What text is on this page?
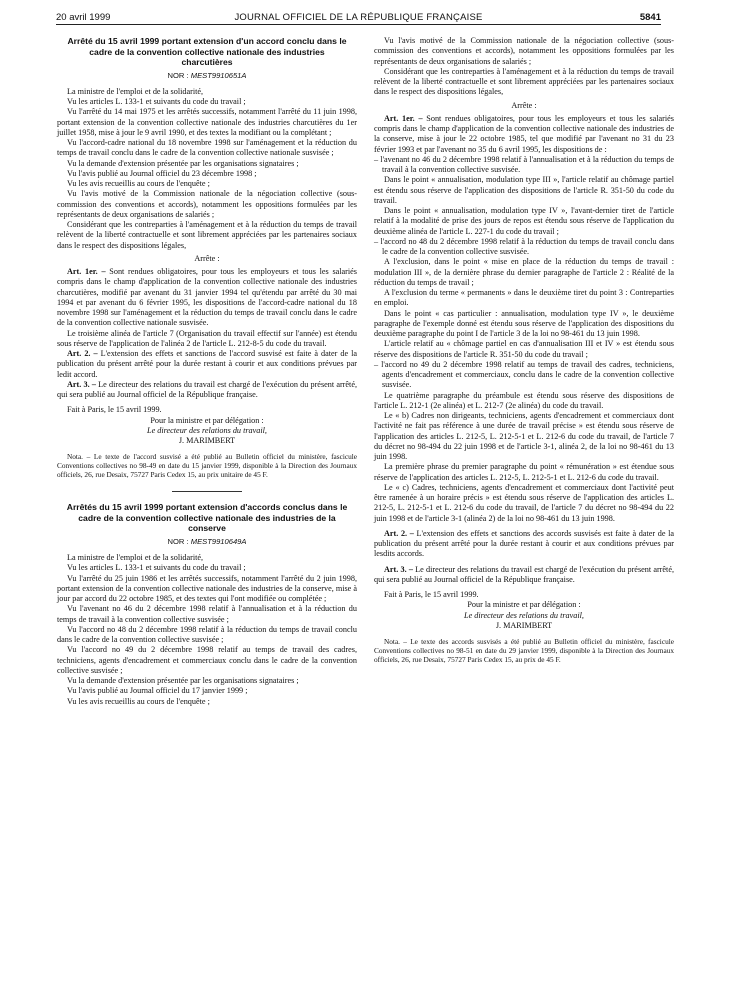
20 avril 1999	JOURNAL OFFICIEL DE LA RÉPUBLIQUE FRANÇAISE	5841
Arrêté du 15 avril 1999 portant extension d'un accord conclu dans le cadre de la convention collective nationale des industries charcutières
NOR : MEST9910651A

La ministre de l'emploi et de la solidarité,

Vu les articles L. 133-1 et suivants du code du travail ;

Vu l'arrêté du 14 mai 1975 et les arrêtés successifs, notamment l'arrêté du 11 juin 1998, portant extension de la convention collective nationale des industries charcutières du 1er juillet 1958, mise à jour le 9 avril 1990, et des textes la modifiant ou la complétant ;

Vu l'accord-cadre national du 18 novembre 1998 sur l'aménagement et la réduction du temps de travail conclu dans le cadre de la convention collective nationale susvisée ;

Vu la demande d'extension présentée par les organisations signataires ;

Vu l'avis publié au Journal officiel du 23 décembre 1998 ;

Vu les avis recueillis au cours de l'enquête ;

Vu l'avis motivé de la Commission nationale de la négociation collective (sous-commission des conventions et accords), notamment les oppositions formulées par les représentants de deux organisations de salariés ;

Considérant que les contreparties à l'aménagement et à la réduction du temps de travail relèvent de la liberté contractuelle et sont librement appréciées par les partenaires sociaux dans le respect des dispositions légales,

Arrête :

Art. 1er. – Sont rendues obligatoires, pour tous les employeurs et tous les salariés compris dans le champ d'application de la convention collective nationale des industries charcutières, modifié par avenant du 31 janvier 1994 tel qu'étendu par arrêté du 30 mai 1994 et par avenant du 6 février 1995, les dispositions de l'accord-cadre national du 18 novembre 1998 sur l'aménagement et la réduction du temps de travail conclu dans le cadre de la convention collective nationale susvisée.

Le troisième alinéa de l'article 7 (Organisation du travail effectif sur l'année) est étendu sous réserve de l'application de l'alinéa 2 de l'article L. 212-8-5 du code du travail.

Art. 2. – L'extension des effets et sanctions de l'accord susvisé est faite à dater de la publication du présent arrêté pour la durée restant à courir et aux conditions prévues par ledit accord.

Art. 3. – Le directeur des relations du travail est chargé de l'exécution du présent arrêté, qui sera publié au Journal officiel de la République française.

Fait à Paris, le 15 avril 1999.

Pour la ministre et par délégation :

Le directeur des relations du travail,

J. MARIMBERT

Nota. – Le texte de l'accord susvisé a été publié au Bulletin officiel du ministère, fascicule Conventions collectives no 98-49 en date du 15 janvier 1999, disponible à la Direction des Journaux officiels, 26, rue Desaix, 75727 Paris Cedex 15, au prix unitaire de 45 F.

Arrêtés du 15 avril 1999 portant extension d'accords conclus dans le cadre de la convention collective nationale des industries de la conserve
NOR : MEST9910649A

La ministre de l'emploi et de la solidarité,

Vu les articles L. 133-1 et suivants du code du travail ;

Vu l'arrêté du 25 juin 1986 et les arrêtés successifs, notamment l'arrêté du 2 juin 1998, portant extension de la convention collective nationale des industries de la conserve, mise à jour par accord du 22 octobre 1985, et des textes qui l'ont modifiée ou complétée ;

Vu l'avenant no 46 du 2 décembre 1998 relatif à l'annualisation et à la réduction du temps de travail à la convention collective susvisée ;

Vu l'accord no 48 du 2 décembre 1998 relatif à la réduction du temps de travail conclu dans le cadre de la convention collective susvisée ;

Vu l'accord no 49 du 2 décembre 1998 relatif au temps de travail des cadres, techniciens, agents d'encadrement et commerciaux conclu dans le cadre de la convention collective susvisée ;

Vu la demande d'extension présentée par les organisations signataires ;

Vu l'avis publié au Journal officiel du 17 janvier 1999 ;

Vu les avis recueillis au cours de l'enquête ;

Vu l'avis motivé de la Commission nationale de la négociation collective (sous-commission des conventions et accords), notamment les oppositions formulées par les représentants de deux organisations de salariés ;

Considérant que les contreparties à l'aménagement et à la réduction du temps de travail relèvent de la liberté contractuelle et sont librement appréciées par les partenaires sociaux dans le respect des dispositions légales,

Arrête :

Art. 1er. – Sont rendues obligatoires, pour tous les employeurs et tous les salariés compris dans le champ d'application de la convention collective nationale des industries de la conserve, mise à jour le 22 octobre 1985, tel que modifié par l'avenant no 31 du 23 février 1993 et par l'avenant no 35 du 6 avril 1995, les dispositions de :

– l'avenant no 46 du 2 décembre 1998 relatif à l'annualisation et à la réduction du temps de travail à la convention collective susvisée.

Dans le point « annualisation, modulation type III », l'article relatif au chômage partiel est étendu sous réserve de l'application des dispositions de l'article R. 351-50 du code du travail.

Dans le point « annualisation, modulation type IV », l'avant-dernier tiret de l'article relatif à la modalité de prise des jours de repos est étendu sous réserve de l'application du deuxième alinéa de l'article L. 227-1 du code du travail ;

– l'accord no 48 du 2 décembre 1998 relatif à la réduction du temps de travail conclu dans le cadre de la convention collective susvisée.

A l'exclusion, dans le point « mise en place de la réduction du temps de travail : modulation III », de la dernière phrase du dernier paragraphe de l'article 2 : Réalité de la réduction du temps de travail ;

A l'exclusion du terme « permanents » dans le deuxième tiret du point 3 : Contreparties en emploi.

Dans le point « cas particulier : annualisation, modulation type IV », le deuxième paragraphe de l'exemple donné est étendu sous réserve de l'application des dispositions du deuxième paragraphe du point I de l'article 3 de la loi no 98-461 du 13 juin 1998.

L'article relatif au « chômage partiel en cas d'annualisation III et IV » est étendu sous réserve des dispositions de l'article R. 351-50 du code du travail ;

– l'accord no 49 du 2 décembre 1998 relatif au temps de travail des cadres, techniciens, agents d'encadrement et commerciaux, conclu dans le cadre de la convention collective susvisée.

Le quatrième paragraphe du préambule est étendu sous réserve des dispositions de l'article L. 212-1 (2e alinéa) et L. 212-7 (2e alinéa) du code du travail.

Le « b) Cadres non dirigeants, techniciens, agents d'encadrement et commerciaux dont l'activité ne fait pas référence à une durée de travail précise » est étendu sous réserve de l'application des articles L. 212-5, L. 212-5-1 et L. 212-6 du code du travail, de l'article 7 du décret no 98-494 du 22 juin 1998 et de l'article 3-1, alinéa 2, de la loi no 98-461 du 13 juin 1998.

La première phrase du premier paragraphe du point « rémunération » est étendue sous réserve de l'application des articles L. 212-5, L. 212-5-1 et L. 212-6 du code du travail.

Le « c) Cadres, techniciens, agents d'encadrement et commerciaux dont l'activité peut être ramenée à un horaire précis » est étendu sous réserve de l'application des articles L. 212-5, L. 212-5-1 et L. 212-6 du code du travail, de l'article 7 du décret no 98-494 du 22 juin 1998 et de l'article 3-1 (alinéa 2) de la loi no 98-461 du 13 juin 1998.

Art. 2. – L'extension des effets et sanctions des accords susvisés est faite à dater de la publication du présent arrêté pour la durée restant à courir et aux conditions prévues par lesdits accords.

Art. 3. – Le directeur des relations du travail est chargé de l'exécution du présent arrêté, qui sera publié au Journal officiel de la République française.

Fait à Paris, le 15 avril 1999.

Pour la ministre et par délégation :

Le directeur des relations du travail,

J. MARIMBERT

Nota. – Le texte des accords susvisés a été publié au Bulletin officiel du ministère, fascicule Conventions collectives no 98-51 en date du 29 janvier 1999, disponible à la Direction des Journaux officiels, 26, rue Desaix, 75727 Paris Cedex 15, au prix de 45 F.
